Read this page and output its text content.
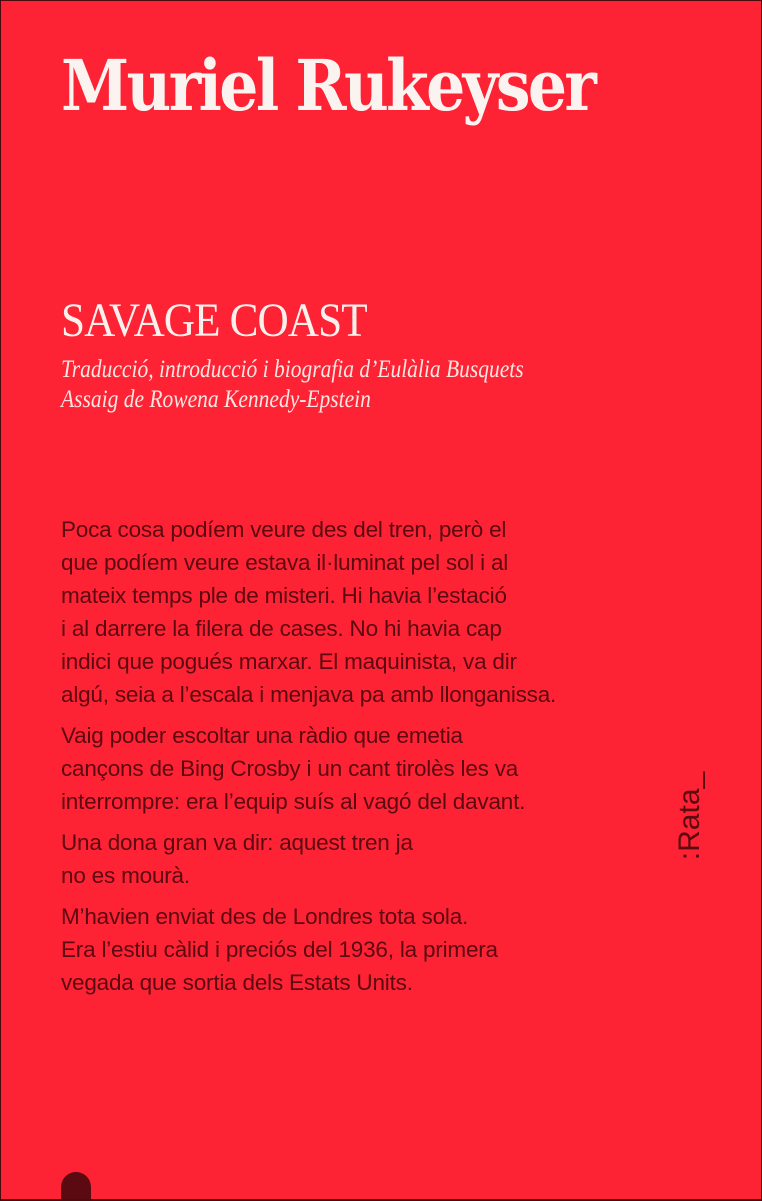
Muriel Rukeyser
SAVAGE COAST
Traducció, introducció i biografia d’Eulàlia Busquets
Assaig de Rowena Kennedy-Epstein

Poca cosa podíem veure des del tren, però el
que podíem veure estava il·luminat pel sol i al
mateix temps ple de misteri. Hi havia l’estació
i al darrere la filera de cases. No hi havia cap
indici que pogués marxar. El maquinista, va dir
algú, seia a l’escala i menjava pa amb llonganissa.

Vaig poder escoltar una ràdio que emetia
cançons de Bing Crosby i un cant tirolès les va
interrompre: era l’equip suís al vagó del davant.

Una dona gran va dir: aquest tren ja
no es mourà.

M’havien enviat des de Londres tota sola.
Era l’estiu càlid i preciós del 1936, la primera
vegada que sortia dels Estats Units.

:Rata_
